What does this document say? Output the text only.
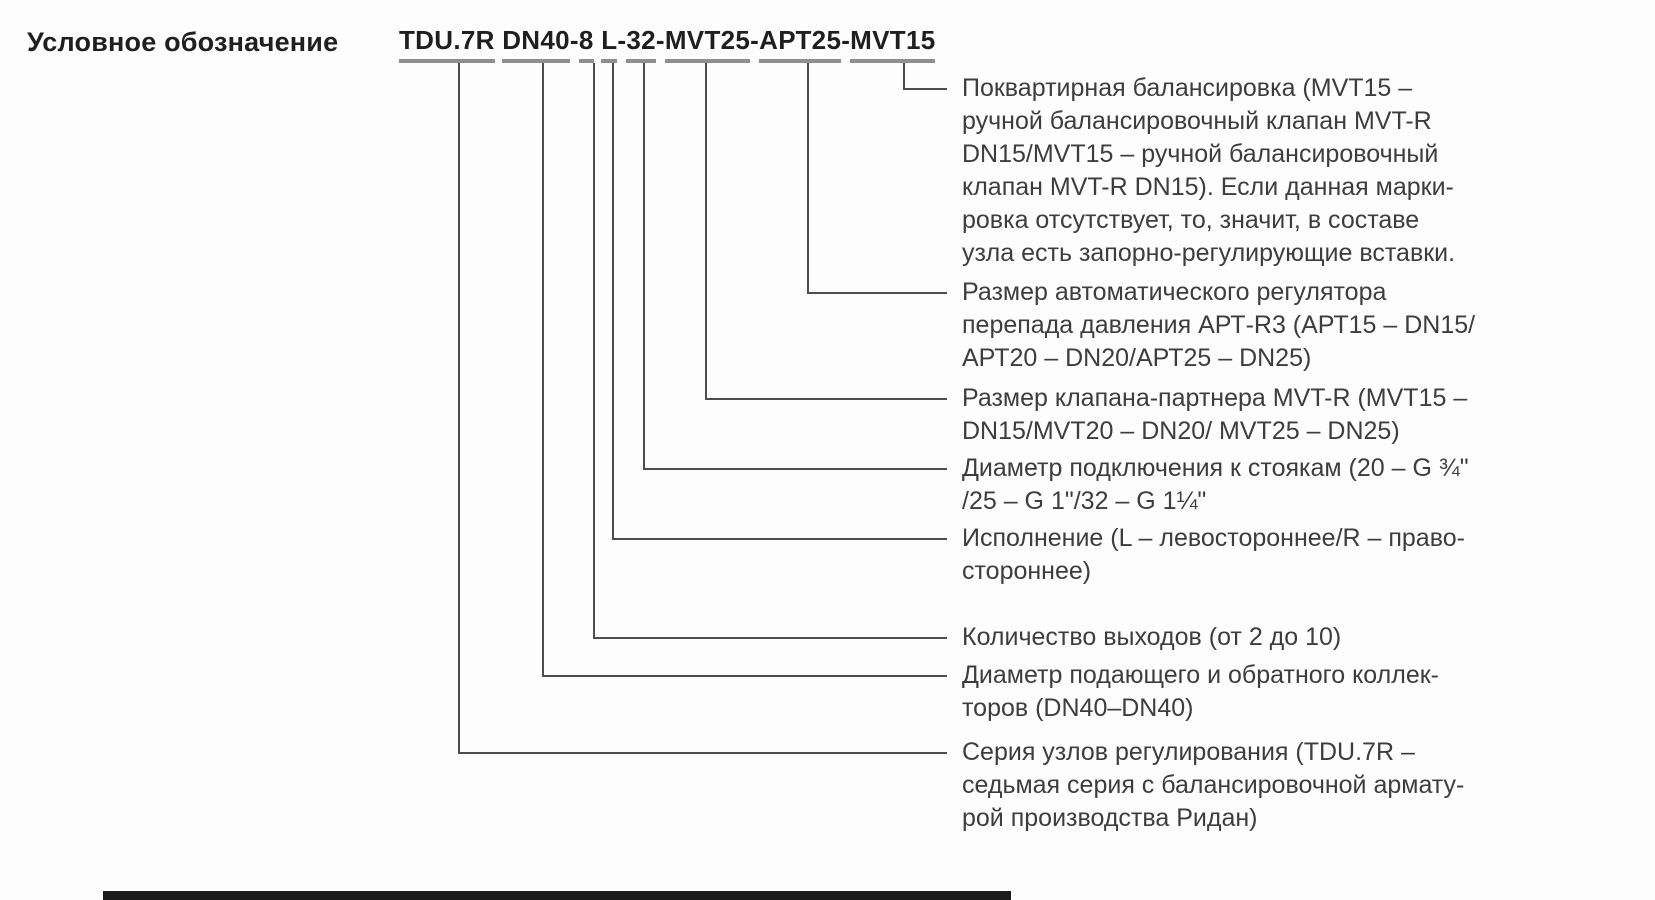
Условное обозначение TDU.7R
DN40 - 8
L - 32 - MVT25 - АРТ25 - MVT15
Поквартирная балансировка (MVT15 –
ручной балансировочный клапан MVT-R
DN15/MVT15 – ручной балансировочный
клапан MVT-R DN15). Если данная марки-
ровка отсутствует, то, значит, в составе
узла есть запорно-регулирующие вставки.
Размер автоматического регулятора
перепада давления АРТ-R3 (АРТ15 – DN15/
АРТ20 – DN20/АРТ25 – DN25)
Размер клапана-партнера MVT-R (MVT15 –
DN15/MVT20 – DN20/ MVT25 – DN25)
Диаметр подключения к стоякам (20 – G ¾"
/25 – G 1"/32 – G 1¼"
Исполнение (L – левостороннее/R – право-
стороннее)
Количество выходов (от 2 до 10)
Диаметр подающего и обратного коллек-
торов (DN40–DN40)
Серия узлов регулирования (TDU.7R –
седьмая серия с балансировочной армату-
рой производства Ридан)
